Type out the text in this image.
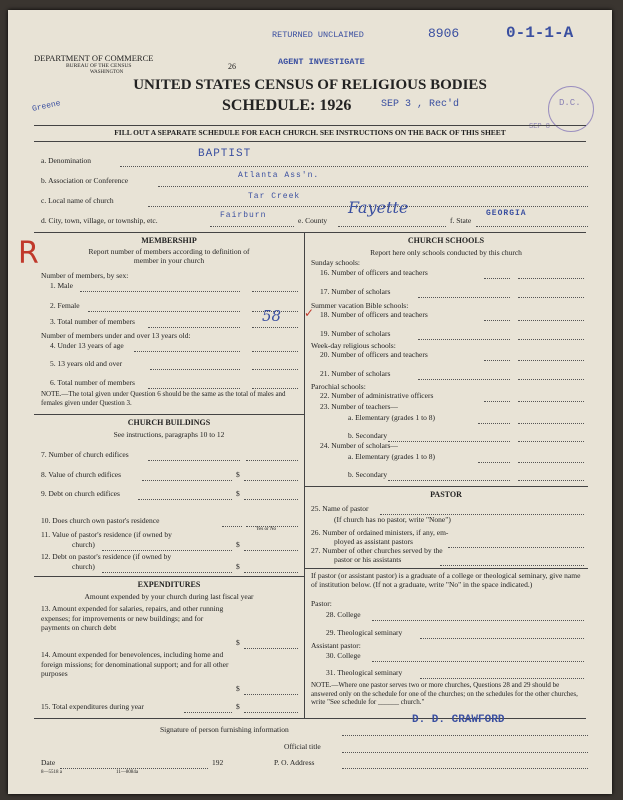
RETURNED UNCLAIMED	8906	0-1-1-A
AGENT INVESTIGATE
Greene	SEP 3 , Rec'd	D.C.
SEP 8
DEPARTMENT OF COMMERCE
BUREAU OF THE CENSUS
WASHINGTON
26
UNITED STATES CENSUS OF RELIGIOUS BODIES
SCHEDULE: 1926
FILL OUT A SEPARATE SCHEDULE FOR EACH CHURCH. SEE INSTRUCTIONS ON THE BACK OF THIS SHEET
a. Denomination
BAPTIST
b. Association or Conference
Atlanta Ass'n.
c. Local name of church	Tar Creek
d. City, town, village, or township, etc.
Fairburn
e. County
Fayette
f. State
GEORGIA
R	MEMBERSHIP
Report number of members according to definition of
member in your church
Number of members, by sex:
1. Male
2. Female
3. Total number of members	58 ✓
Number of members under and over 13 years old:
4. Under 13 years of age
5. 13 years old and over
6. Total number of members
NOTE.—The total given under Question 6 should be the same as the total of males and females given under Question 3.
CHURCH BUILDINGS
See instructions, paragraphs 10 to 12
7. Number of church edifices
8. Value of church edifices	$
9. Debt on church edifices	$
10. Does church own pastor's residence
Yes or No
11. Value of pastor's residence (if owned by
church)	$
12. Debt on pastor's residence (if owned by
church)	$
EXPENDITURES
Amount expended by your church during last fiscal year
13. Amount expended for salaries, repairs, and other running expenses; for improvements or new buildings; and for payments on church debt
$
14. Amount expended for benevolences, including home and foreign missions; for denominational support; and for all other purposes
$
15. Total expenditures during year	$
CHURCH SCHOOLS
Report here only schools conducted by this church
Sunday schools:
16. Number of officers and teachers
17. Number of scholars
Summer vacation Bible schools:
18. Number of officers and teachers
19. Number of scholars
Week-day religious schools:
20. Number of officers and teachers
21. Number of scholars
Parochial schools:
22. Number of administrative officers
23. Number of teachers—
a. Elementary (grades 1 to 8)
b. Secondary
24. Number of scholars—
a. Elementary (grades 1 to 8)
b. Secondary
PASTOR
25. Name of pastor
(If church has no pastor, write "None")
26. Number of ordained ministers, if any, em-
ployed as assistant pastors
27. Number of other churches served by the
pastor or his assistants
If pastor (or assistant pastor) is a graduate of a college or theological seminary, give name of institution below. (If not a graduate, write "No" in the space indicated.)
Pastor:
28. College
29. Theological seminary
Assistant pastor:
30. College
31. Theological seminary
NOTE.—Where one pastor serves two or more churches, Questions 28 and 29 should be answered only on the schedule for one of the churches; on the schedules for the other churches, write "See schedule for ______ church."
Signature of person furnishing information
D. D. CRAWFORD
Official title
Date	192	P. O. Address
8—5518 a	11—8084a
